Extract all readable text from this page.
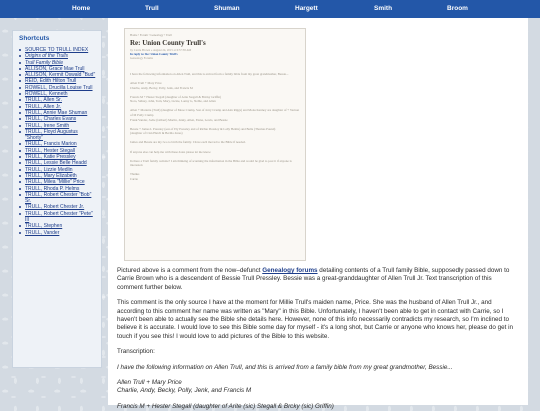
Home	Trull	Shuman	Hargett	Smith	Broom
Shortcuts
SOURCE TO TRULL INDEX
Origins of the Trulls
Trull Family Bible
ALLISON, Grace Mae Trull
ALLISON, Kermit Oswald "Bud"
REID, Edith Hilton Trull
ROWELL, Drucilla Louise Trull
ROWELL, Kenneth
TRULL, Allen Sr.
TRULL, Allen Jr.
TRULL, Annie Mae Shuman
TRULL, Charles Evans
TRULL, Irene Smith
TRULL, Floyd Augustus "Shorty"
TRULL, Francis Marion
TRULL, Hester Stegall
TRULL, Katie Pressley
TRULL, Lessie Belle Headd
TRULL, Lizzie Medlin
TRULL, Mary Elizabeth
TRULL, Milea "Millie" Price
TRULL, Rhoda P. Helms
TRULL, Robert Chester "Bob" Sr.
TRULL, Robert Chester Jr.
TRULL, Robert Chester "Pete" III
TRULL, Stephen
TRULL, Vander
Home • Forum • Genealogy • Trull
Re: Union County Trull's
by Carrie Brown » August 24, 2015 at 6:57:58 AM
In reply to: Re: Union County Trull's
Genealogy Forums

I have the following information on Allen Trull, and this is arrived from a family bible from my great grandmother, Bessie...

Allen Trull + Mary Price
Charlie, Andy, Becky, Polly, Jenk, and Francis M

Francis M + Hester Stegall (daughter of Arite Stegall & Bricky Griffin)
Nora, Sidney, John, Tom, Mary, Lizzie, Lonny G, Nellie, and Allen

Allen + Marietta (Trull) (daughter of Mose Crump, Son of Jerry Crump and Ann Riggs) and Mona Kenney are daughter of + Vernon of M Polly Crump
Frank Vander, Jodie (Gilbert) Martin, Jenny, Allen, Elena, Lewis, and Bessie

Bessie + James L Pressley (son of Ely Pressley and of Richie Pressley & Lally Helms) and Belle (Thomas Pound)
(daughter of Clan Hutch & Bertha Jones)

James and Bessie are my two to birth the family. I have each moved to the Bible if needed.

If anyone else can help me with these dates please let me know.

In there a Trull family website? I am thinking of scanning the information in the Bible and would be glad to post it if anyone is interested.

Thanks
Carrie

Pictured above is a comment from the now–defunct Genealogy forums detailing contents of a Trull family Bible, supposedly passed down to Carrie Brown who is a descendent of Bessie Trull Pressley. Bessie was a great-granddaughter of Allen Trull Jr. Text transcription of this comment further below.

This comment is the only source I have at the moment for Millie Trull's maiden name, Price. She was the husband of Allen Trull Jr., and according to this comment her name was written as "Mary" in this Bible. Unfortunately, I haven't been able to get in contact with Carrie, so I haven't been able to actually see the Bible she details here. However, none of this info necessarily contradicts my research, so I'm inclined to believe it is accurate. I would love to see this Bible some day for myself - it's a long shot, but Carrie or anyone who knows her, please do get in touch if you see this! I would love to add pictures of the Bible to this website.

Transcription:

I have the following information on Allen Trull, and this is arrived from a family bible from my great grandmother, Bessie...

Allen Trull + Mary Price
Charlie, Andy, Becky, Polly, Jenk, and Francis M

Francis M + Hester Stegall (daughter of Arite (sic) Stegall & Brcky (sic) Griffin)
